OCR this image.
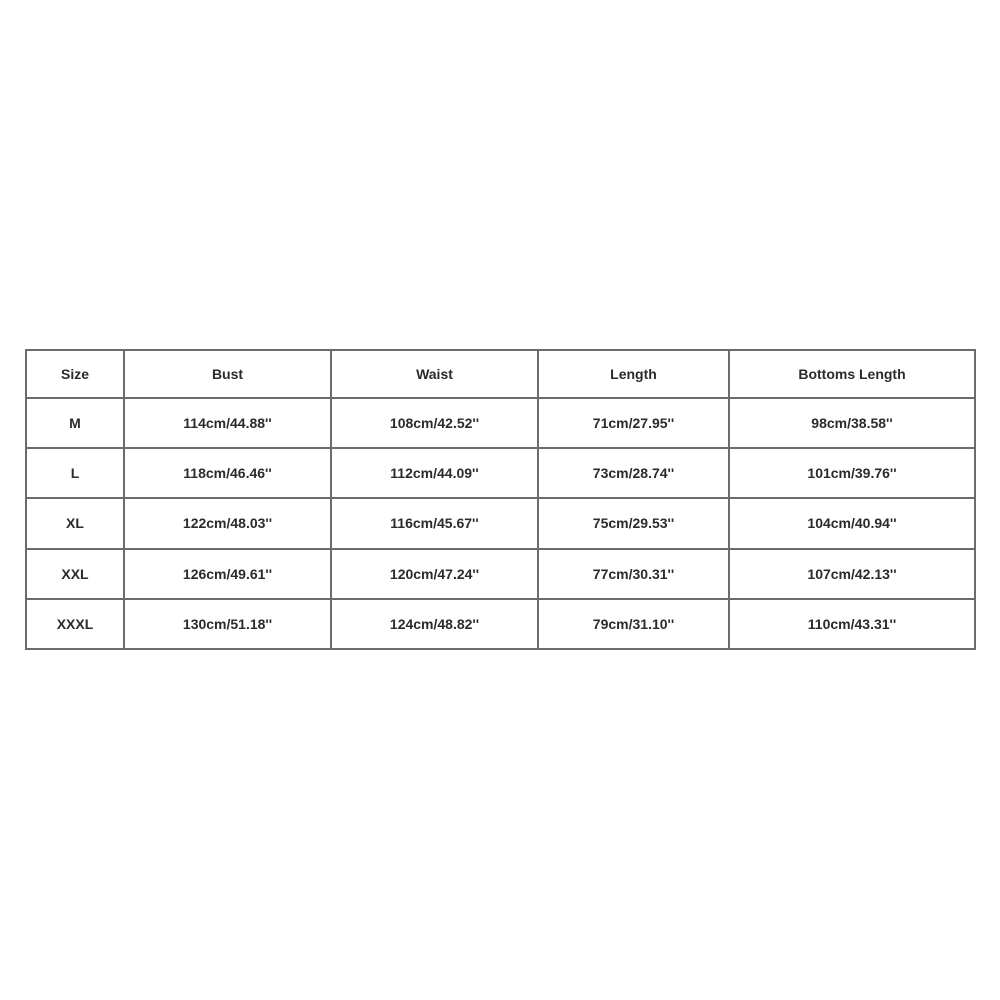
Size	Bust	Waist	Length	Bottoms Length
M	114cm/44.88''	108cm/42.52''	71cm/27.95''	98cm/38.58''
L	118cm/46.46''	112cm/44.09''	73cm/28.74''	101cm/39.76''
XL	122cm/48.03''	116cm/45.67''	75cm/29.53''	104cm/40.94''
XXL	126cm/49.61''	120cm/47.24''	77cm/30.31''	107cm/42.13''
XXXL	130cm/51.18''	124cm/48.82''	79cm/31.10''	110cm/43.31''
